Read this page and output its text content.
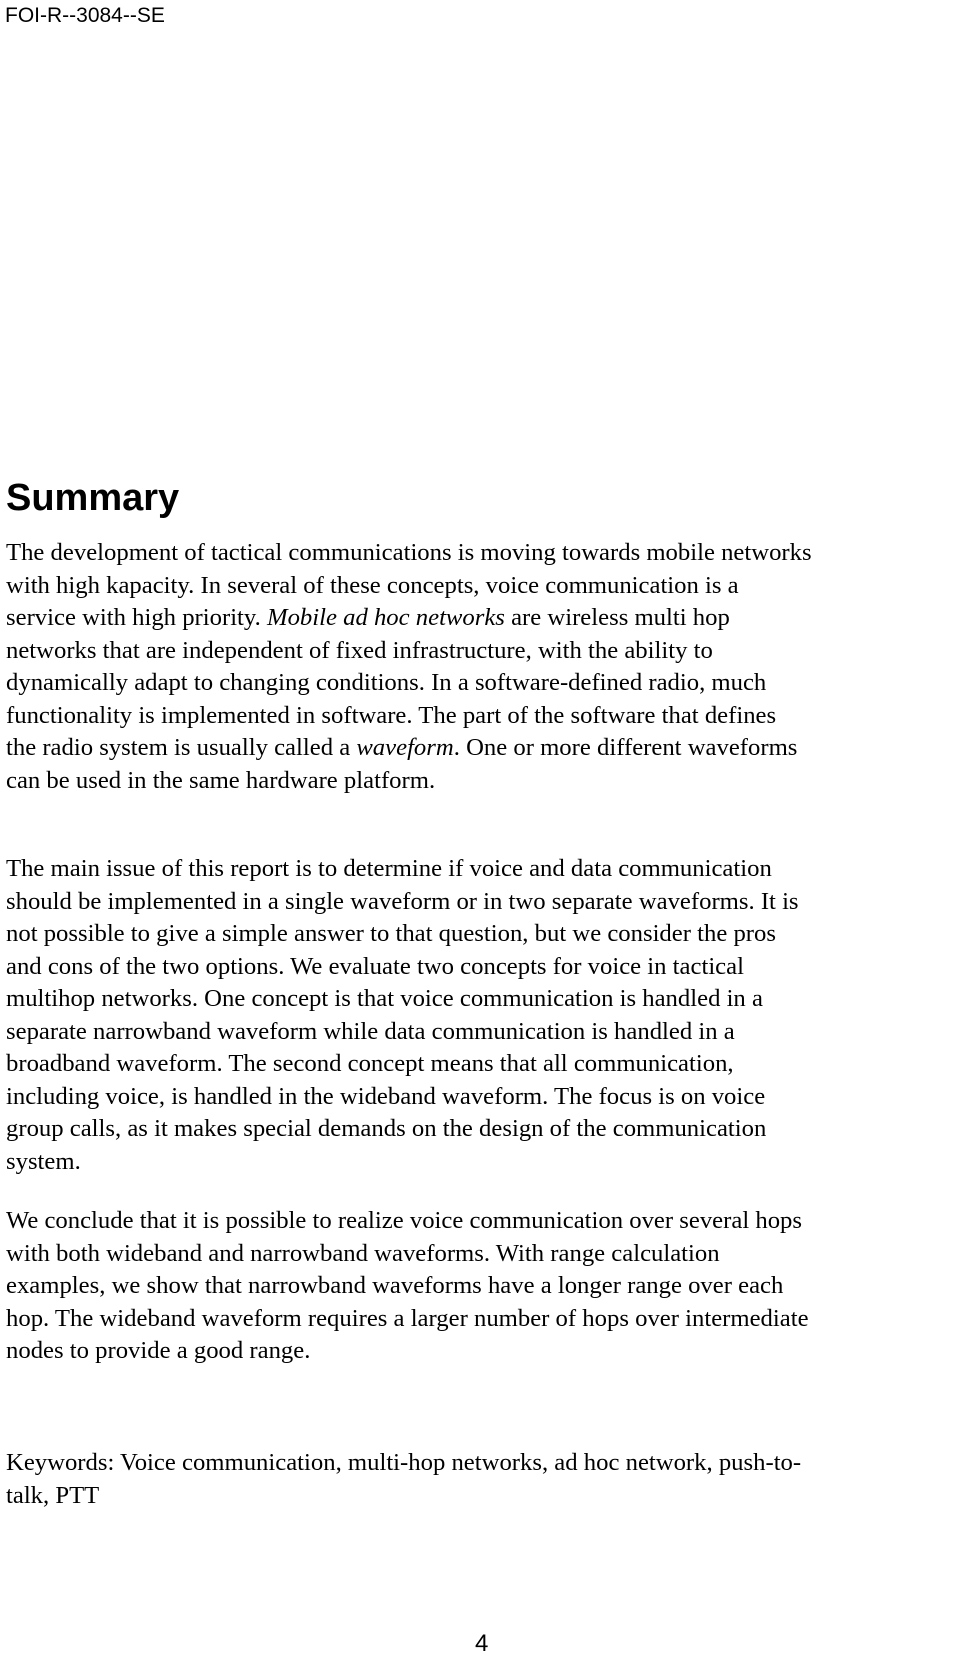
FOI-R--3084--SE
Summary
The development of tactical communications is moving towards mobile networks
with high kapacity. In several of these concepts, voice communication is a
service with high priority. Mobile ad hoc networks are wireless multi hop
networks that are independent of fixed infrastructure, with the ability to
dynamically adapt to changing conditions. In a software-defined radio, much
functionality is implemented in software. The part of the software that defines
the radio system is usually called a waveform. One or more different waveforms
can be used in the same hardware platform.
The main issue of this report is to determine if voice and data communication
should be implemented in a single waveform or in two separate waveforms. It is
not possible to give a simple answer to that question, but we consider the pros
and cons of the two options. We evaluate two concepts for voice in tactical
multihop networks. One concept is that voice communication is handled in a
separate narrowband waveform while data communication is handled in a
broadband waveform. The second concept means that all communication,
including voice, is handled in the wideband waveform. The focus is on voice
group calls, as it makes special demands on the design of the communication
system.
We conclude that it is possible to realize voice communication over several hops
with both wideband and narrowband waveforms. With range calculation
examples, we show that narrowband waveforms have a longer range over each
hop. The wideband waveform requires a larger number of hops over intermediate
nodes to provide a good range.
Keywords: Voice communication, multi-hop networks, ad hoc network, push-to-
talk, PTT
4
